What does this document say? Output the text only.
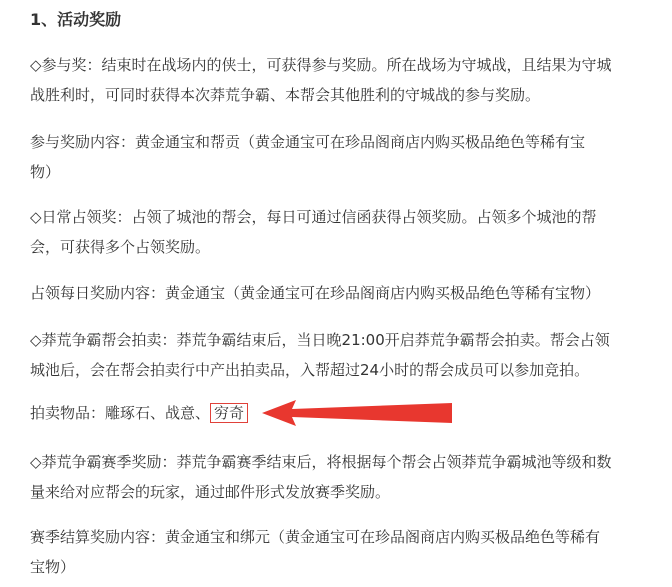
1、活动奖励
◇参与奖：结束时在战场内的侠士，可获得参与奖励。所在战场为守城战，且结果为守城
战胜利时，可同时获得本次莽荒争霸、本帮会其他胜利的守城战的参与奖励。
参与奖励内容：黄金通宝和帮贡（黄金通宝可在珍品阁商店内购买极品绝色等稀有宝
物）
◇日常占领奖：占领了城池的帮会，每日可通过信函获得占领奖励。占领多个城池的帮
会，可获得多个占领奖励。
占领每日奖励内容：黄金通宝（黄金通宝可在珍品阁商店内购买极品绝色等稀有宝物）
◇莽荒争霸帮会拍卖：莽荒争霸结束后，当日晚21:00开启莽荒争霸帮会拍卖。帮会占领
城池后，会在帮会拍卖行中产出拍卖品，入帮超过24小时的帮会成员可以参加竞拍。
拍卖物品：雕琢石、战意、 穷奇
◇莽荒争霸赛季奖励：莽荒争霸赛季结束后，将根据每个帮会占领莽荒争霸城池等级和数
量来给对应帮会的玩家，通过邮件形式发放赛季奖励。
赛季结算奖励内容：黄金通宝和绑元（黄金通宝可在珍品阁商店内购买极品绝色等稀有
宝物）
